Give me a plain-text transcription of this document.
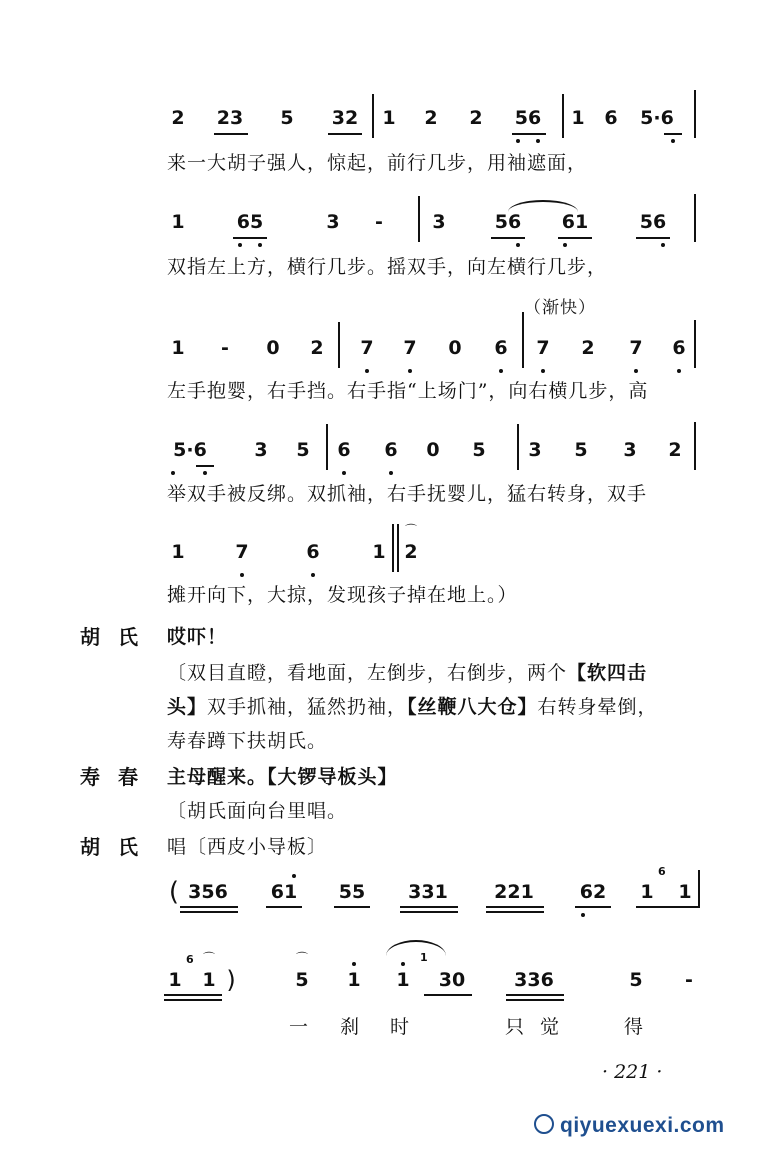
2	23	5	32	1 2 2	56	1 6	5·6
来一大胡子强人，惊起，前行几步，用袖遮面，
1	65	3	-	3	56	61	56
双指左上方，横行几步。摇双手，向左横行几步，
（渐快）
1	-	0 2 7 7 0 6 7 2 7 6
左手抱婴，右手挡。右手指“上场门”，向右横几步，高
5·6	3 5 6 6 0 5 3 5 3 2
举双手被反绑。双抓袖，右手抚婴儿，猛右转身，双手
1	7	6	1 2
⌒
摊开向下，大掠，发现孩子掉在地上。）
胡氏 哎吓！
〔双目直瞪，看地面，左倒步，右倒步，两个【软四击
头】双手抓袖，猛然扔袖，【丝鞭八大仓】右转身晕倒，
寿春蹲下扶胡氏。
寿春 主母醒来。【大锣导板头】
〔胡氏面向台里唱。
胡氏 唱〔西皮小导板〕
( 356	61	55	331	221	62	1
6
1
1
6
1
⌒
)	5
⌒
1 1
1
30	336	5	-
一 刹 时	只 觉	得
· 221 ·
qiyuexuexi.com
